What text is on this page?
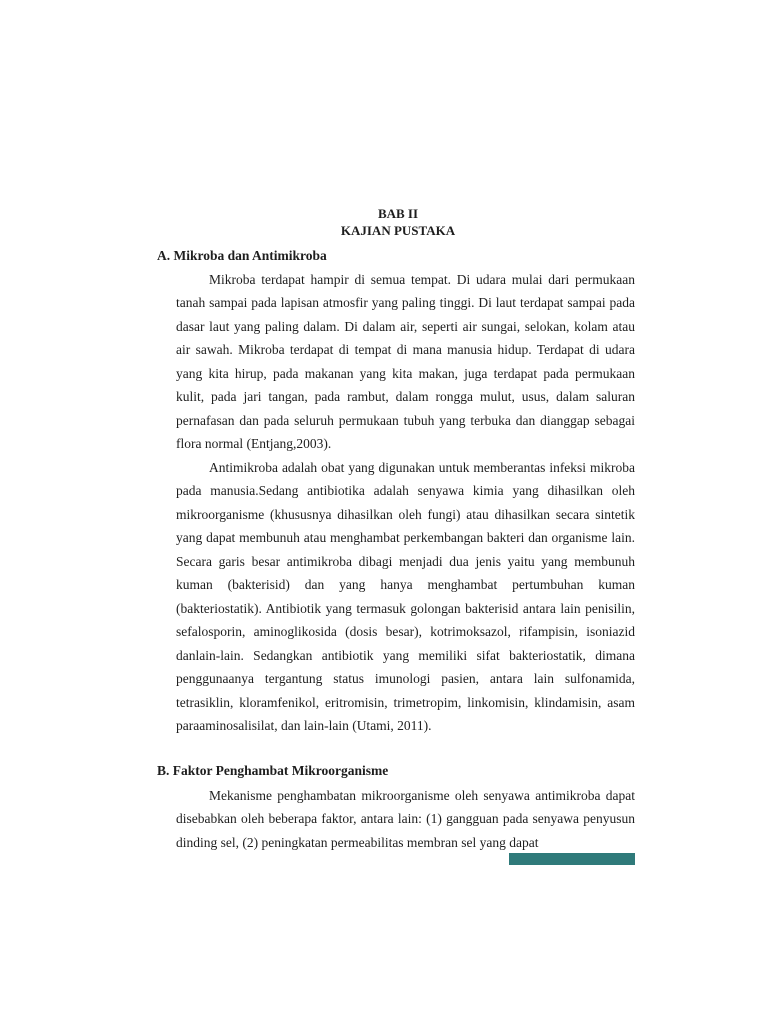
BAB II
KAJIAN PUSTAKA
A. Mikroba dan Antimikroba

Mikroba terdapat hampir di semua tempat. Di udara mulai dari permukaan tanah sampai pada lapisan atmosfir yang paling tinggi. Di laut terdapat sampai pada dasar laut yang paling dalam. Di dalam air, seperti air sungai, selokan, kolam atau air sawah. Mikroba terdapat di tempat di mana manusia hidup. Terdapat di udara yang kita hirup, pada makanan yang kita makan, juga terdapat pada permukaan kulit, pada jari tangan, pada rambut, dalam rongga mulut, usus, dalam saluran pernafasan dan pada seluruh permukaan tubuh yang terbuka dan dianggap sebagai flora normal (Entjang,2003).

Antimikroba adalah obat yang digunakan untuk memberantas infeksi mikroba pada manusia.Sedang antibiotika adalah senyawa kimia yang dihasilkan oleh mikroorganisme (khususnya dihasilkan oleh fungi) atau dihasilkan secara sintetik yang dapat membunuh atau menghambat perkembangan bakteri dan organisme lain. Secara garis besar antimikroba dibagi menjadi dua jenis yaitu yang membunuh kuman (bakterisid) dan yang hanya menghambat pertumbuhan kuman (bakteriostatik). Antibiotik yang termasuk golongan bakterisid antara lain penisilin, sefalosporin, aminoglikosida (dosis besar), kotrimoksazol, rifampisin, isoniazid danlain-lain. Sedangkan antibiotik yang memiliki sifat bakteriostatik, dimana penggunaanya tergantung status imunologi pasien, antara lain sulfonamida, tetrasiklin, kloramfenikol, eritromisin, trimetropim, linkomisin, klindamisin, asam paraaminosalisilat, dan lain-lain (Utami, 2011).

B. Faktor Penghambat Mikroorganisme

Mekanisme penghambatan mikroorganisme oleh senyawa antimikroba dapat disebabkan oleh beberapa faktor, antara lain: (1) gangguan pada senyawa penyusun dinding sel, (2) peningkatan permeabilitas membran sel yang dapat
